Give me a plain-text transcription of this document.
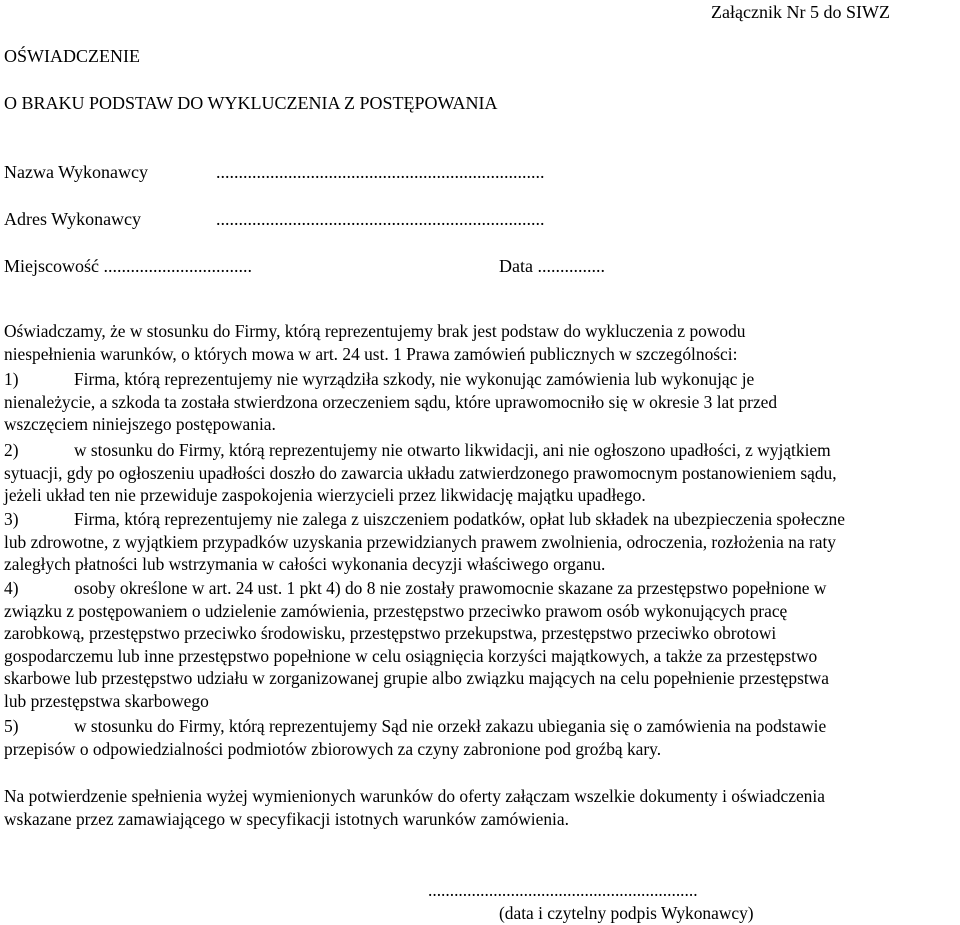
Załącznik Nr 5 do SIWZ
OŚWIADCZENIE
O BRAKU PODSTAW DO WYKLUCZENIA Z POSTĘPOWANIA
Nazwa Wykonawcy	.........................................................................
Adres Wykonawcy	.........................................................................
Miejscowość .................................	Data ...............
Oświadczamy, że w stosunku do Firmy, którą reprezentujemy brak jest podstaw do wykluczenia z powodu
niespełnienia warunków, o których mowa w art. 24 ust. 1 Prawa zamówień publicznych w szczególności:
1)	Firma, którą reprezentujemy nie wyrządziła szkody, nie wykonując zamówienia lub wykonując je
nienależycie, a szkoda ta została stwierdzona orzeczeniem sądu, które uprawomocniło się w okresie 3 lat przed
wszczęciem niniejszego postępowania.
2)	w stosunku do Firmy, którą reprezentujemy nie otwarto likwidacji, ani nie ogłoszono upadłości, z wyjątkiem
sytuacji, gdy po ogłoszeniu upadłości doszło do zawarcia układu zatwierdzonego prawomocnym postanowieniem sądu,
jeżeli układ ten nie przewiduje zaspokojenia wierzycieli przez likwidację majątku upadłego.
3)	Firma, którą reprezentujemy nie zalega z uiszczeniem podatków, opłat lub składek na ubezpieczenia społeczne
lub zdrowotne, z wyjątkiem przypadków uzyskania przewidzianych prawem zwolnienia, odroczenia, rozłożenia na raty
zaległych płatności lub wstrzymania w całości wykonania decyzji właściwego organu.
4)	osoby określone w art. 24 ust. 1 pkt 4) do 8 nie zostały prawomocnie skazane za przestępstwo popełnione w
związku z postępowaniem o udzielenie zamówienia, przestępstwo przeciwko prawom osób wykonujących pracę
zarobkową, przestępstwo przeciwko środowisku, przestępstwo przekupstwa, przestępstwo przeciwko obrotowi
gospodarczemu lub inne przestępstwo popełnione w celu osiągnięcia korzyści majątkowych, a także za przestępstwo
skarbowe lub przestępstwo udziału w zorganizowanej grupie albo związku mających na celu popełnienie przestępstwa
lub przestępstwa skarbowego
5)	w stosunku do Firmy, którą reprezentujemy Sąd nie orzekł zakazu ubiegania się o zamówienia na podstawie
przepisów o odpowiedzialności podmiotów zbiorowych za czyny zabronione pod groźbą kary.
Na potwierdzenie spełnienia wyżej wymienionych warunków do oferty załączam wszelkie dokumenty i oświadczenia
wskazane przez zamawiającego w specyfikacji istotnych warunków zamówienia.
..............................................................
(data i czytelny podpis Wykonawcy)
